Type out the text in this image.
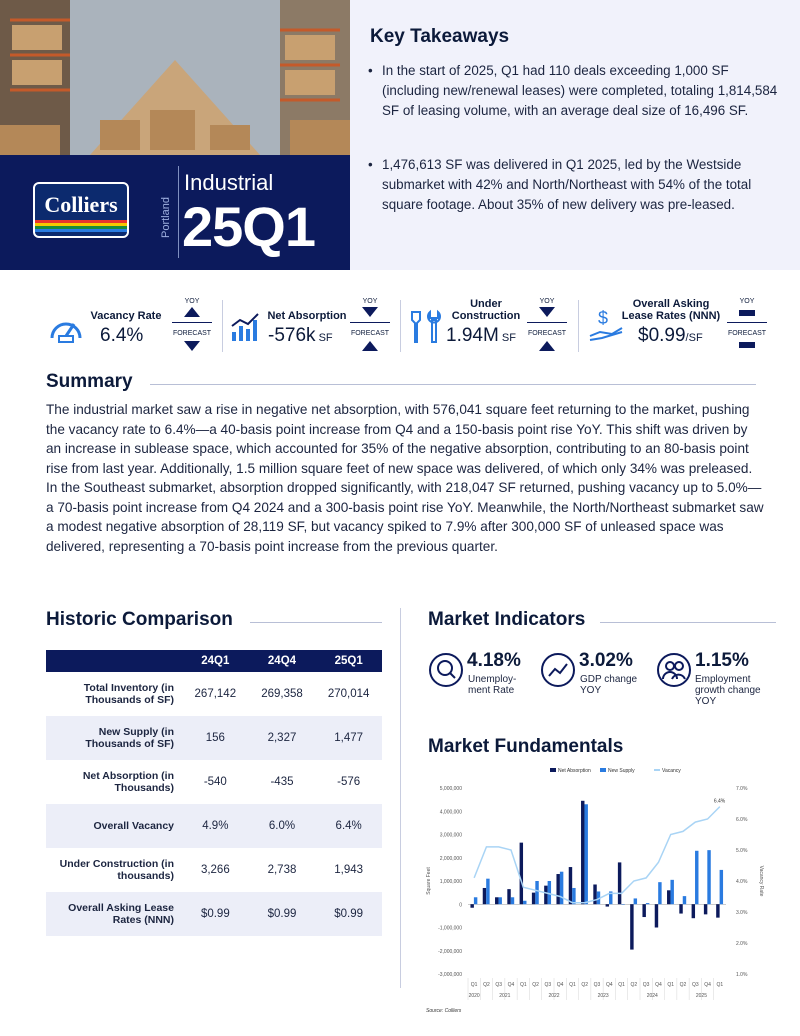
Colliers	Portland
Industrial
25Q1
Key Takeaways
• In the start of 2025, Q1 had 110 deals exceeding 1,000 SF (including new/renewal leases) were completed, totaling 1,814,584 SF of leasing volume, with an average deal size of 16,496 SF.
• 1,476,613 SF was delivered in Q1 2025, led by the Westside submarket with 42% and North/Northeast with 54% of the total square footage. About 35% of new delivery was pre-leased.
Vacancy Rate
6.4%
YOY
FORECAST
Net Absorption
-576k SF
YOY
FORECAST
Under Construction
1.94M SF
YOY
FORECAST
$
Overall Asking Lease Rates (NNN)
$0.99/SF
YOY
FORECAST
Summary
The industrial market saw a rise in negative net absorption, with 576,041 square feet returning to the market, pushing the vacancy rate to 6.4%—a 40-basis point increase from Q4 and a 150-basis point rise YoY. This shift was driven by an increase in sublease space, which accounted for 35% of the negative absorption, contributing to an 80-basis point rise from last year. Additionally, 1.5 million square feet of new space was delivered, of which only 34% was preleased. In the Southeast submarket, absorption dropped significantly, with 218,047 SF returned, pushing vacancy up to 5.0%—a 70-basis point increase from Q4 2024 and a 300-basis point rise YoY. Meanwhile, the North/Northeast submarket saw a modest negative absorption of 28,119 SF, but vacancy spiked to 7.9% after 300,000 SF of unleased space was delivered, representing a 70-basis point increase from the previous quarter.
Historic Comparison
	24Q1	24Q4	25Q1
Total Inventory (in Thousands of SF)	267,142	269,358	270,014
New Supply (in Thousands of SF)	156	2,327	1,477
Net Absorption (in Thousands)	-540	-435	-576
Overall Vacancy	4.9%	6.0%	6.4%
Under Construction (in thousands)	3,266	2,738	1,943
Overall Asking Lease Rates (NNN)	$0.99	$0.99	$0.99
Market Indicators
4.18%
Unemploy-ment Rate
3.02%
GDP change YOY
1.15%
Employment growth change YOY
Market Fundamentals
Net Absorption	New Supply	Vacancy
5,000,000
4,000,000
3,000,000
2,000,000
1,000,000
0
-1,000,000
-2,000,000
-3,000,000
7.0%
6.0%
5.0%
4.0%
3.0%
2.0%
1.0%
Square Feet	Vacancy Rate
6.4%
Q1 Q2 Q3 Q4 Q1 Q2 Q3 Q4 Q1 Q2 Q3 Q4 Q1 Q2 Q3 Q4 Q1 Q2 Q3 Q4 Q1
2020	2021	2022	2023	2024	2025
Source: Colliers
